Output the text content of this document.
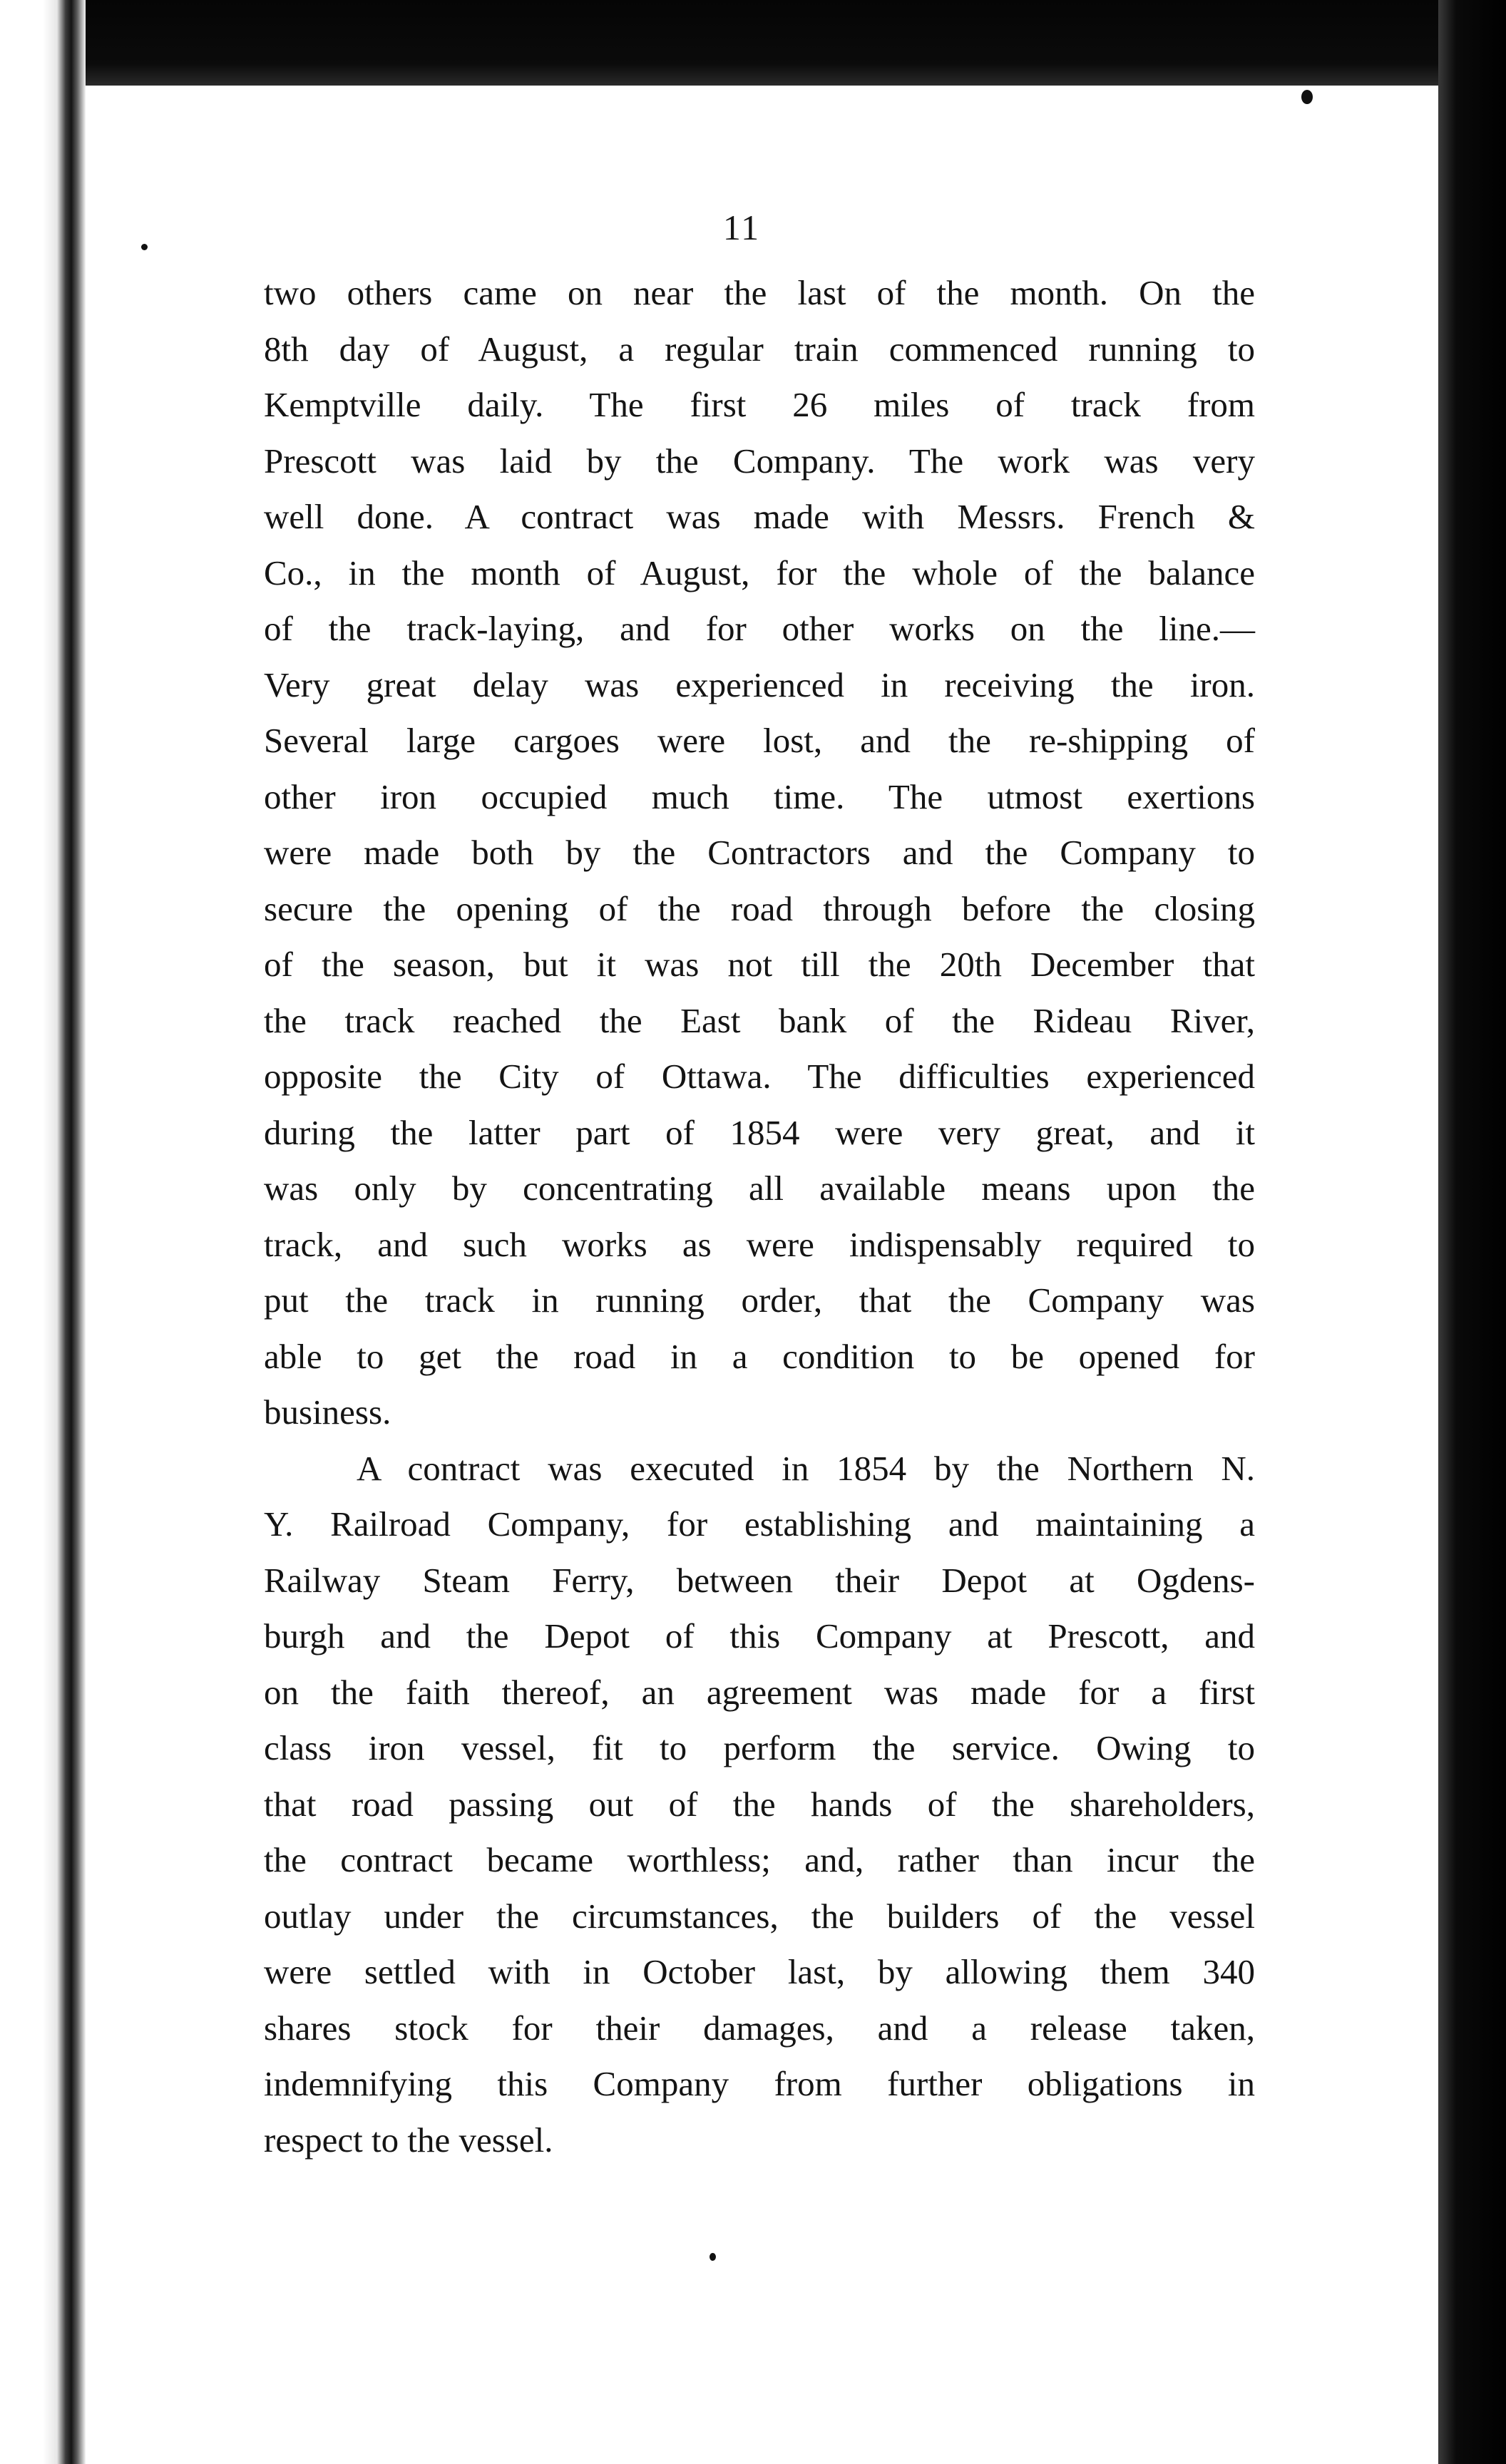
11
two others came on near the last of the month. On the
8th day of August, a regular train commenced running to
Kemptville daily. The first 26 miles of track from
Prescott was laid by the Company. The work was very
well done. A contract was made with Messrs. French &
Co., in the month of August, for the whole of the balance
of the track-laying, and for other works on the line.—
Very great delay was experienced in receiving the iron.
Several large cargoes were lost, and the re-shipping of
other iron occupied much time. The utmost exertions
were made both by the Contractors and the Company to
secure the opening of the road through before the closing
of the season, but it was not till the 20th December that
the track reached the East bank of the Rideau River,
opposite the City of Ottawa. The difficulties experienced
during the latter part of 1854 were very great, and it
was only by concentrating all available means upon the
track, and such works as were indispensably required to
put the track in running order, that the Company was
able to get the road in a condition to be opened for
business.
A contract was executed in 1854 by the Northern N.
Y. Railroad Company, for establishing and maintaining a
Railway Steam Ferry, between their Depot at Ogdens-
burgh and the Depot of this Company at Prescott, and
on the faith thereof, an agreement was made for a first
class iron vessel, fit to perform the service. Owing to
that road passing out of the hands of the shareholders,
the contract became worthless; and, rather than incur the
outlay under the circumstances, the builders of the vessel
were settled with in October last, by allowing them 340
shares stock for their damages, and a release taken,
indemnifying this Company from further obligations in
respect to the vessel.
